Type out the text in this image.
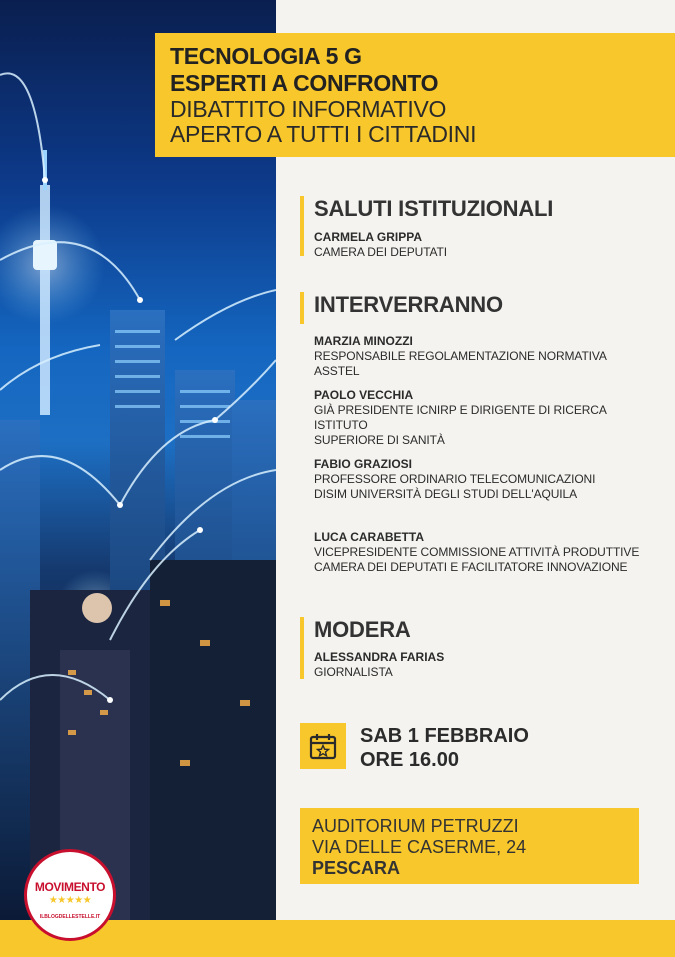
TECNOLOGIA 5 G
ESPERTI A CONFRONTO
DIBATTITO INFORMATIVO
APERTO A TUTTI I CITTADINI
SALUTI ISTITUZIONALI
CARMELA GRIPPA
CAMERA DEI DEPUTATI
INTERVERRANNO
MARZIA MINOZZI
RESPONSABILE REGOLAMENTAZIONE NORMATIVA ASSTEL
PAOLO VECCHIA
GIÀ PRESIDENTE ICNIRP E DIRIGENTE DI RICERCA ISTITUTO
SUPERIORE DI SANITÀ
FABIO GRAZIOSI
PROFESSORE ORDINARIO TELECOMUNICAZIONI
DISIM UNIVERSITÀ DEGLI STUDI DELL'AQUILA
LUCA CARABETTA
VICEPRESIDENTE COMMISSIONE ATTIVITÀ PRODUTTIVE
CAMERA DEI DEPUTATI E FACILITATORE INNOVAZIONE
MODERA
ALESSANDRA FARIAS
GIORNALISTA
SAB 1 FEBBRAIO
ORE 16.00
AUDITORIUM PETRUZZI
VIA DELLE CASERME, 24
PESCARA
MOVIMENTO
★★★★★
ILBLOGDELLESTELLE.IT
